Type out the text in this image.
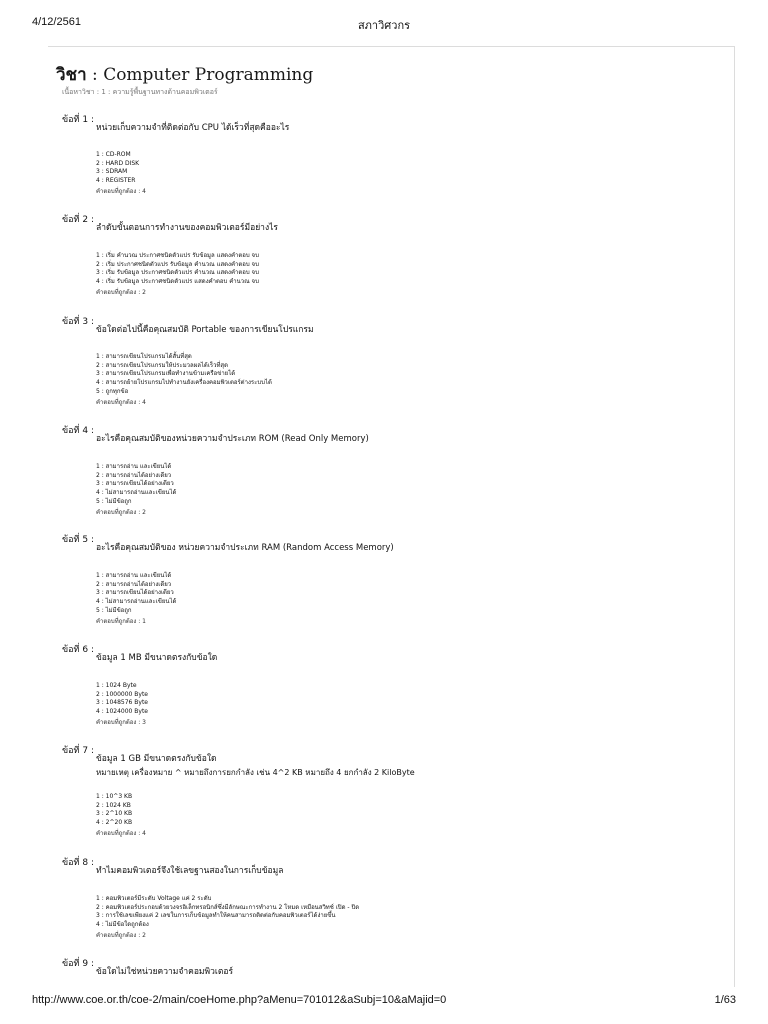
4/12/2561	สภาวิศวกร
วิชา : Computer Programming
เนื้อหาวิชา : 1 : ความรู้พื้นฐานทางด้านคอมพิวเตอร์
ข้อที่ 1 :
หน่วยเก็บความจำที่ติดต่อกับ CPU ได้เร็วที่สุดคืออะไร
1 : CD-ROM
2 : HARD DISK
3 : SDRAM
4 : REGISTER
คำตอบที่ถูกต้อง : 4
ข้อที่ 2 :
ลำดับขั้นตอนการทำงานของคอมพิวเตอร์มีอย่างไร
1 : เริ่ม คำนวณ ประกาศชนิดตัวแปร รับข้อมูล แสดงคำตอบ จบ
2 : เริ่ม ประกาศชนิดตัวแปร รับข้อมูล คำนวณ แสดงคำตอบ จบ
3 : เริ่ม รับข้อมูล ประกาศชนิดตัวแปร คำนวณ แสดงคำตอบ จบ
4 : เริ่ม รับข้อมูล ประกาศชนิดตัวแปร แสดงคำตอบ คำนวณ จบ
คำตอบที่ถูกต้อง : 2
ข้อที่ 3 :
ข้อใดต่อไปนี้คือคุณสมบัติ Portable ของการเขียนโปรแกรม
1 : สามารถเขียนโปรแกรมได้สั้นที่สุด
2 : สามารถเขียนโปรแกรมให้ประมวลผลได้เร็วที่สุด
3 : สามารถเขียนโปรแกรมเพื่อทำงานข้ามเครือข่ายได้
4 : สามารถย้ายโปรแกรมไปทำงานยังเครื่องคอมพิวเตอร์ต่างระบบได้
5 : ถูกทุกข้อ
คำตอบที่ถูกต้อง : 4
ข้อที่ 4 :
อะไรคือคุณสมบัติของหน่วยความจำประเภท ROM (Read Only Memory)
1 : สามารถอ่าน และเขียนได้
2 : สามารถอ่านได้อย่างเดียว
3 : สามารถเขียนได้อย่างเดียว
4 : ไม่สามารถอ่านและเขียนได้
5 : ไม่มีข้อถูก
คำตอบที่ถูกต้อง : 2
ข้อที่ 5 :
อะไรคือคุณสมบัติของ หน่วยความจำประเภท RAM (Random Access Memory)
1 : สามารถอ่าน และเขียนได้
2 : สามารถอ่านได้อย่างเดียว
3 : สามารถเขียนได้อย่างเดียว
4 : ไม่สามารถอ่านและเขียนได้
5 : ไม่มีข้อถูก
คำตอบที่ถูกต้อง : 1
ข้อที่ 6 :
ข้อมูล 1 MB มีขนาดตรงกับข้อใด
1 : 1024 Byte
2 : 1000000 Byte
3 : 1048576 Byte
4 : 1024000 Byte
คำตอบที่ถูกต้อง : 3
ข้อที่ 7 :
ข้อมูล 1 GB มีขนาดตรงกับข้อใด
หมายเหตุ เครื่องหมาย ^ หมายถึงการยกกำลัง เช่น 4^2 KB หมายถึง 4 ยกกำลัง 2 KiloByte
1 : 10^3 KB
2 : 1024 KB
3 : 2^10 KB
4 : 2^20 KB
คำตอบที่ถูกต้อง : 4
ข้อที่ 8 :
ทำไมคอมพิวเตอร์จึงใช้เลขฐานสองในการเก็บข้อมูล
1 : คอมพิวเตอร์มีระดับ Voltage แค่ 2 ระดับ
2 : คอมพิวเตอร์ประกอบด้วยวงจรอิเล็กทรอนิกส์ซึ่งมีลักษณะการทำงาน 2 โหมด เหมือนสวิทช์ เปิด - ปิด
3 : การใช้เลขเพียงแค่ 2 เลขในการเก็บข้อมูลทำให้คนสามารถติดต่อกับคอมพิวเตอร์ได้ง่ายขึ้น
4 : ไม่มีข้อใดถูกต้อง
คำตอบที่ถูกต้อง : 2
ข้อที่ 9 :
ข้อใดไม่ใช่หน่วยความจำคอมพิวเตอร์
http://www.coe.or.th/coe-2/main/coeHome.php?aMenu=701012&aSubj=10&aMajid=0	1/63
